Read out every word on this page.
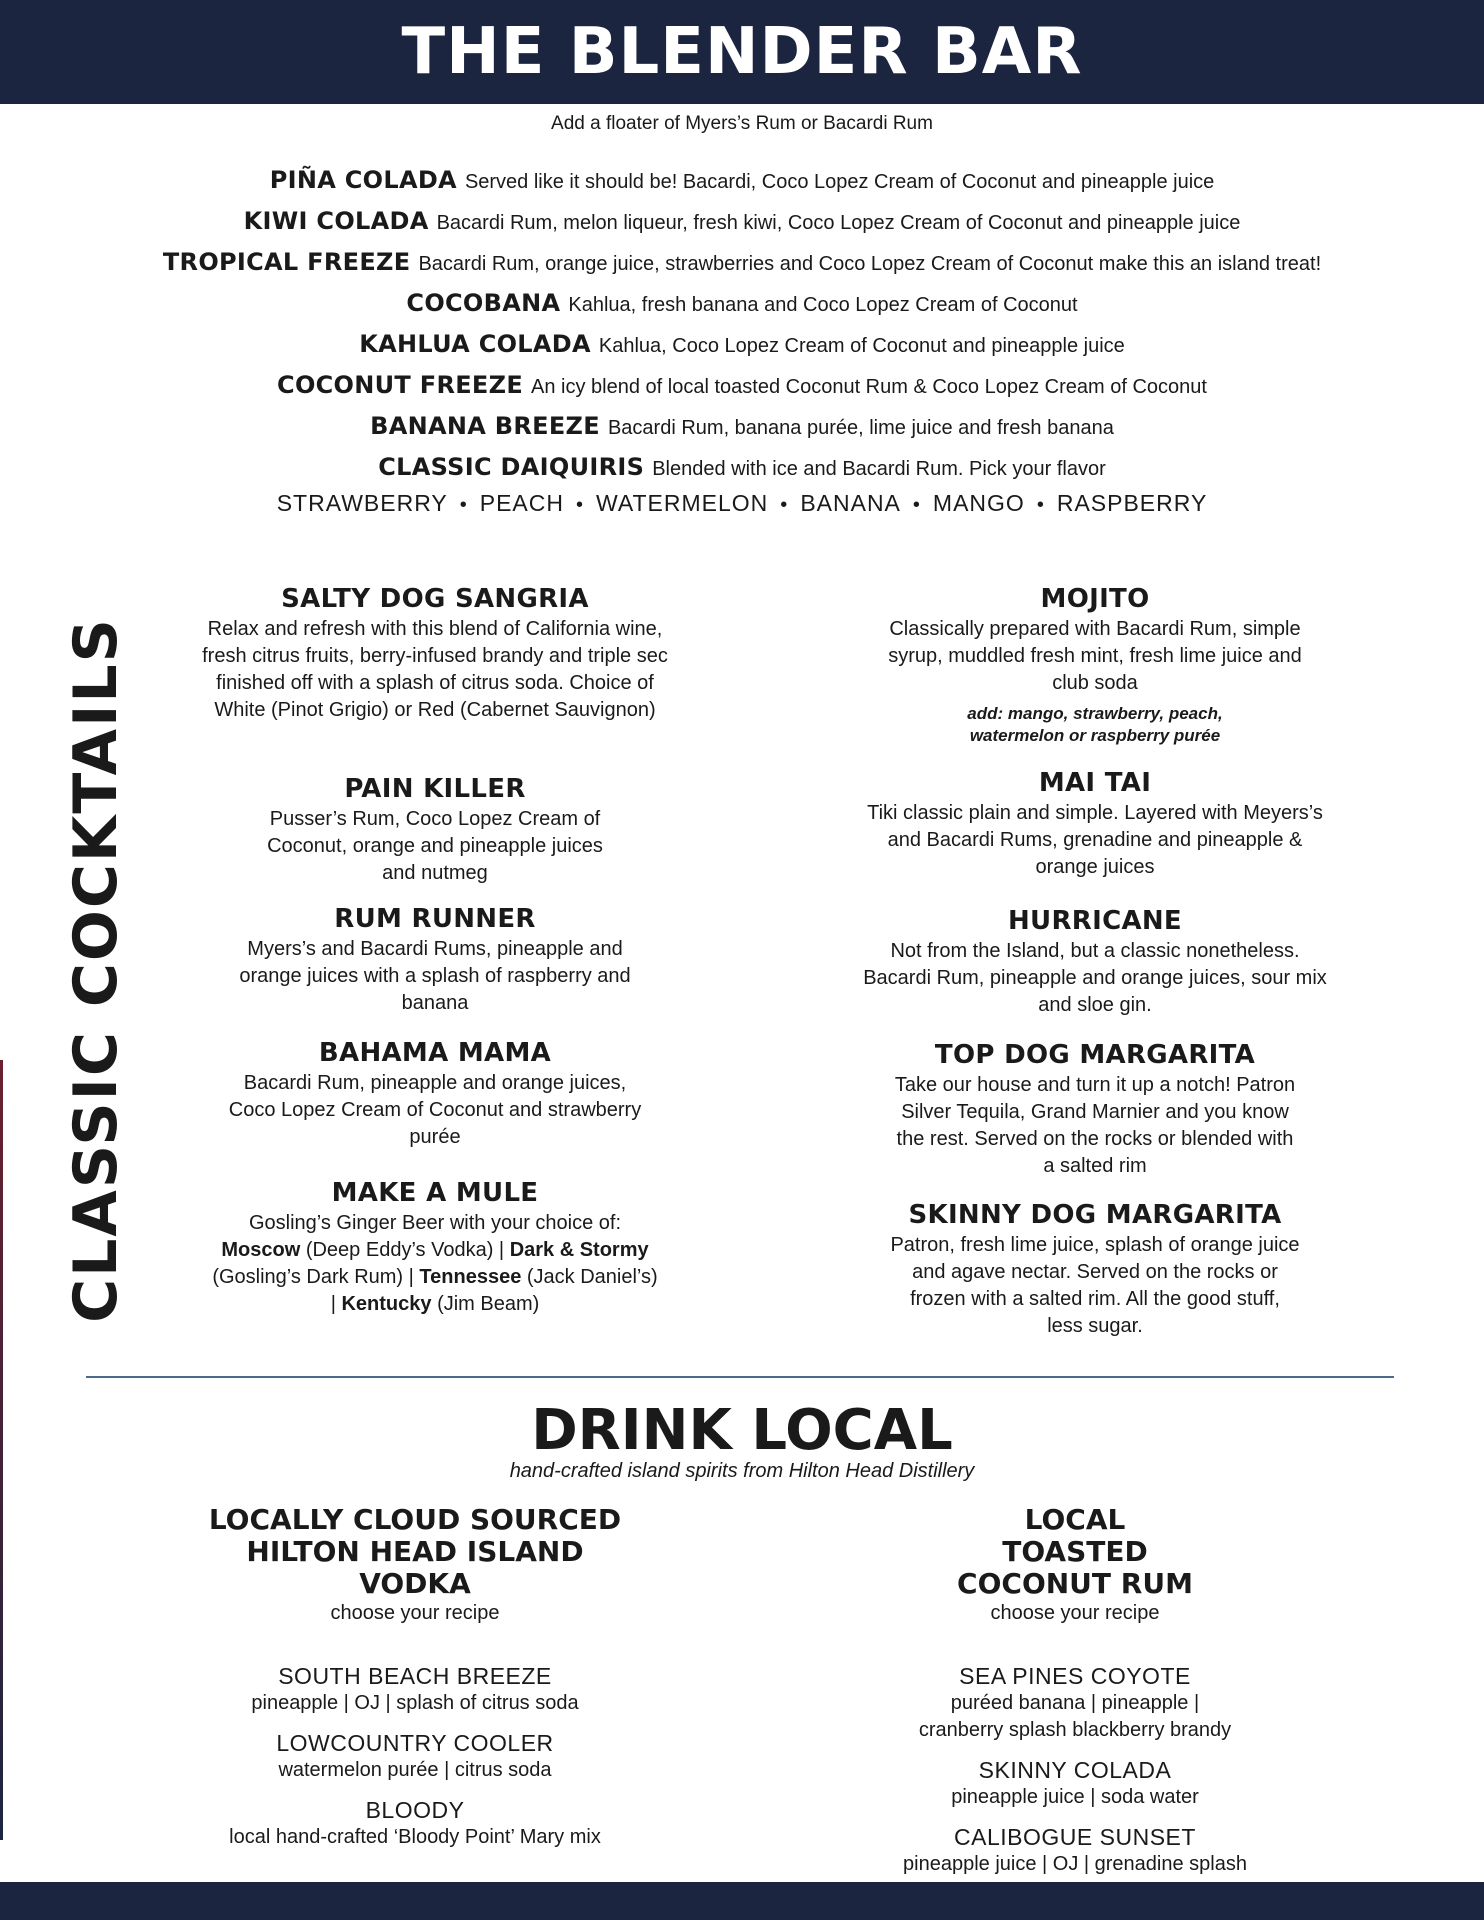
THE BLENDER BAR
Add a floater of Myers’s Rum or Bacardi Rum
PIÑA COLADA Served like it should be! Bacardi, Coco Lopez Cream of Coconut and pineapple juice
KIWI COLADA Bacardi Rum, melon liqueur, fresh kiwi, Coco Lopez Cream of Coconut and pineapple juice
TROPICAL FREEZE Bacardi Rum, orange juice, strawberries and Coco Lopez Cream of Coconut make this an island treat!
COCOBANA Kahlua, fresh banana and Coco Lopez Cream of Coconut
KAHLUA COLADA Kahlua, Coco Lopez Cream of Coconut and pineapple juice
COCONUT FREEZE An icy blend of local toasted Coconut Rum & Coco Lopez Cream of Coconut
BANANA BREEZE Bacardi Rum, banana purée, lime juice and fresh banana
CLASSIC DAIQUIRIS Blended with ice and Bacardi Rum. Pick your flavor
STRAWBERRY • PEACH • WATERMELON • BANANA • MANGO • RASPBERRY
CLASSIC COCKTAILS
SALTY DOG SANGRIA

Relax and refresh with this blend of California wine, fresh citrus fruits, berry-infused brandy and triple sec finished off with a splash of citrus soda. Choice of White (Pinot Grigio) or Red (Cabernet Sauvignon)

PAIN KILLER

Pusser’s Rum, Coco Lopez Cream of Coconut, orange and pineapple juices and nutmeg

RUM RUNNER

Myers’s and Bacardi Rums, pineapple and orange juices with a splash of raspberry and banana

BAHAMA MAMA

Bacardi Rum, pineapple and orange juices, Coco Lopez Cream of Coconut and strawberry purée

MAKE A MULE

Gosling’s Ginger Beer with your choice of:
Moscow (Deep Eddy’s Vodka) | Dark & Stormy (Gosling’s Dark Rum) | Tennessee (Jack Daniel’s) | Kentucky (Jim Beam)

MOJITO

Classically prepared with Bacardi Rum, simple syrup, muddled fresh mint, fresh lime juice and club soda

add: mango, strawberry, peach, watermelon or raspberry purée

MAI TAI

Tiki classic plain and simple. Layered with Meyers’s and Bacardi Rums, grenadine and pineapple & orange juices

HURRICANE

Not from the Island, but a classic nonetheless. Bacardi Rum, pineapple and orange juices, sour mix and sloe gin.

TOP DOG MARGARITA

Take our house and turn it up a notch! Patron Silver Tequila, Grand Marnier and you know the rest. Served on the rocks or blended with a salted rim

SKINNY DOG MARGARITA

Patron, fresh lime juice, splash of orange juice and agave nectar. Served on the rocks or frozen with a salted rim. All the good stuff, less sugar.

DRINK LOCAL
hand-crafted island spirits from Hilton Head Distillery
LOCALLY CLOUD SOURCED HILTON HEAD ISLAND VODKA
choose your recipe
SOUTH BEACH BREEZE
pineapple | OJ | splash of citrus soda
LOWCOUNTRY COOLER
watermelon purée | citrus soda
BLOODY
local hand-crafted ‘Bloody Point’ Mary mix
LOCAL TOASTED COCONUT RUM
choose your recipe
SEA PINES COYOTE
puréed banana | pineapple | cranberry splash blackberry brandy
SKINNY COLADA
pineapple juice | soda water
CALIBOGUE SUNSET
pineapple juice | OJ | grenadine splash
